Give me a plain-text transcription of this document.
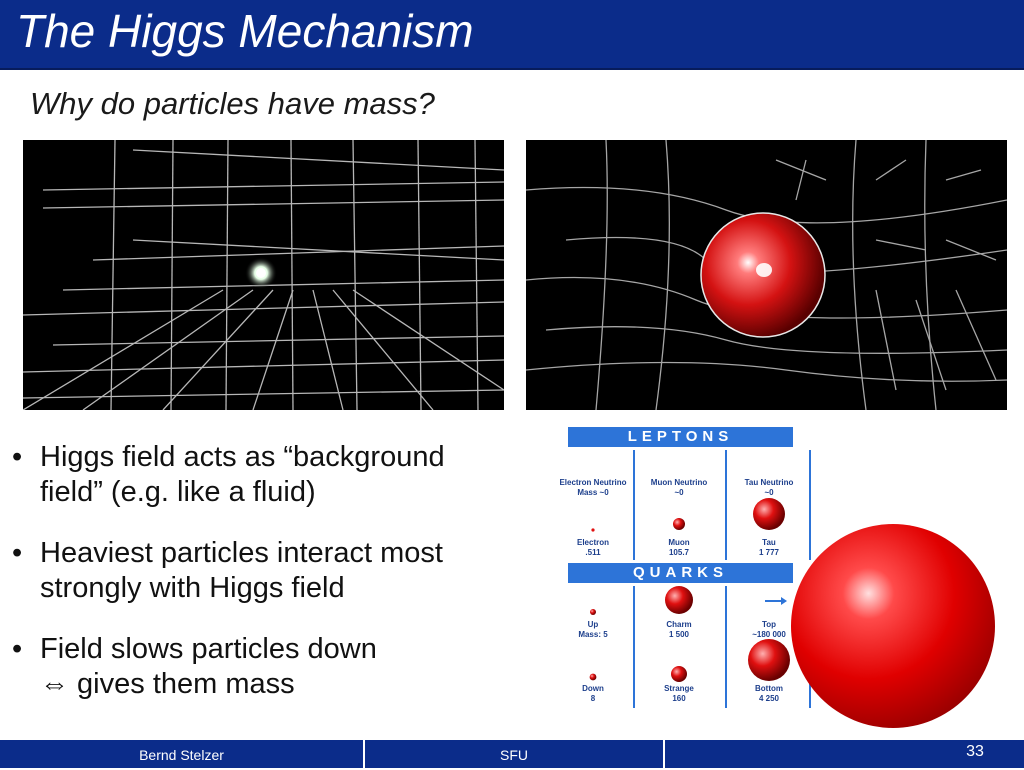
The Higgs Mechanism
Why do particles have mass?
• Higgs field acts as “background
field” (e.g. like a fluid)
• Heaviest particles interact most
strongly with Higgs field
• Field slows particles down
⇔ gives them mass
LEPTONS
QUARKS
Electron Neutrino
Mass ~0
Muon Neutrino
~0
Tau Neutrino
~0
Electron
.511
Muon
105.7
Tau
1 777
Up
Mass: 5
Charm
1 500
Top
~180 000
Down
8
Strange
160
Bottom
4 250
Bernd Stelzer	SFU	33
